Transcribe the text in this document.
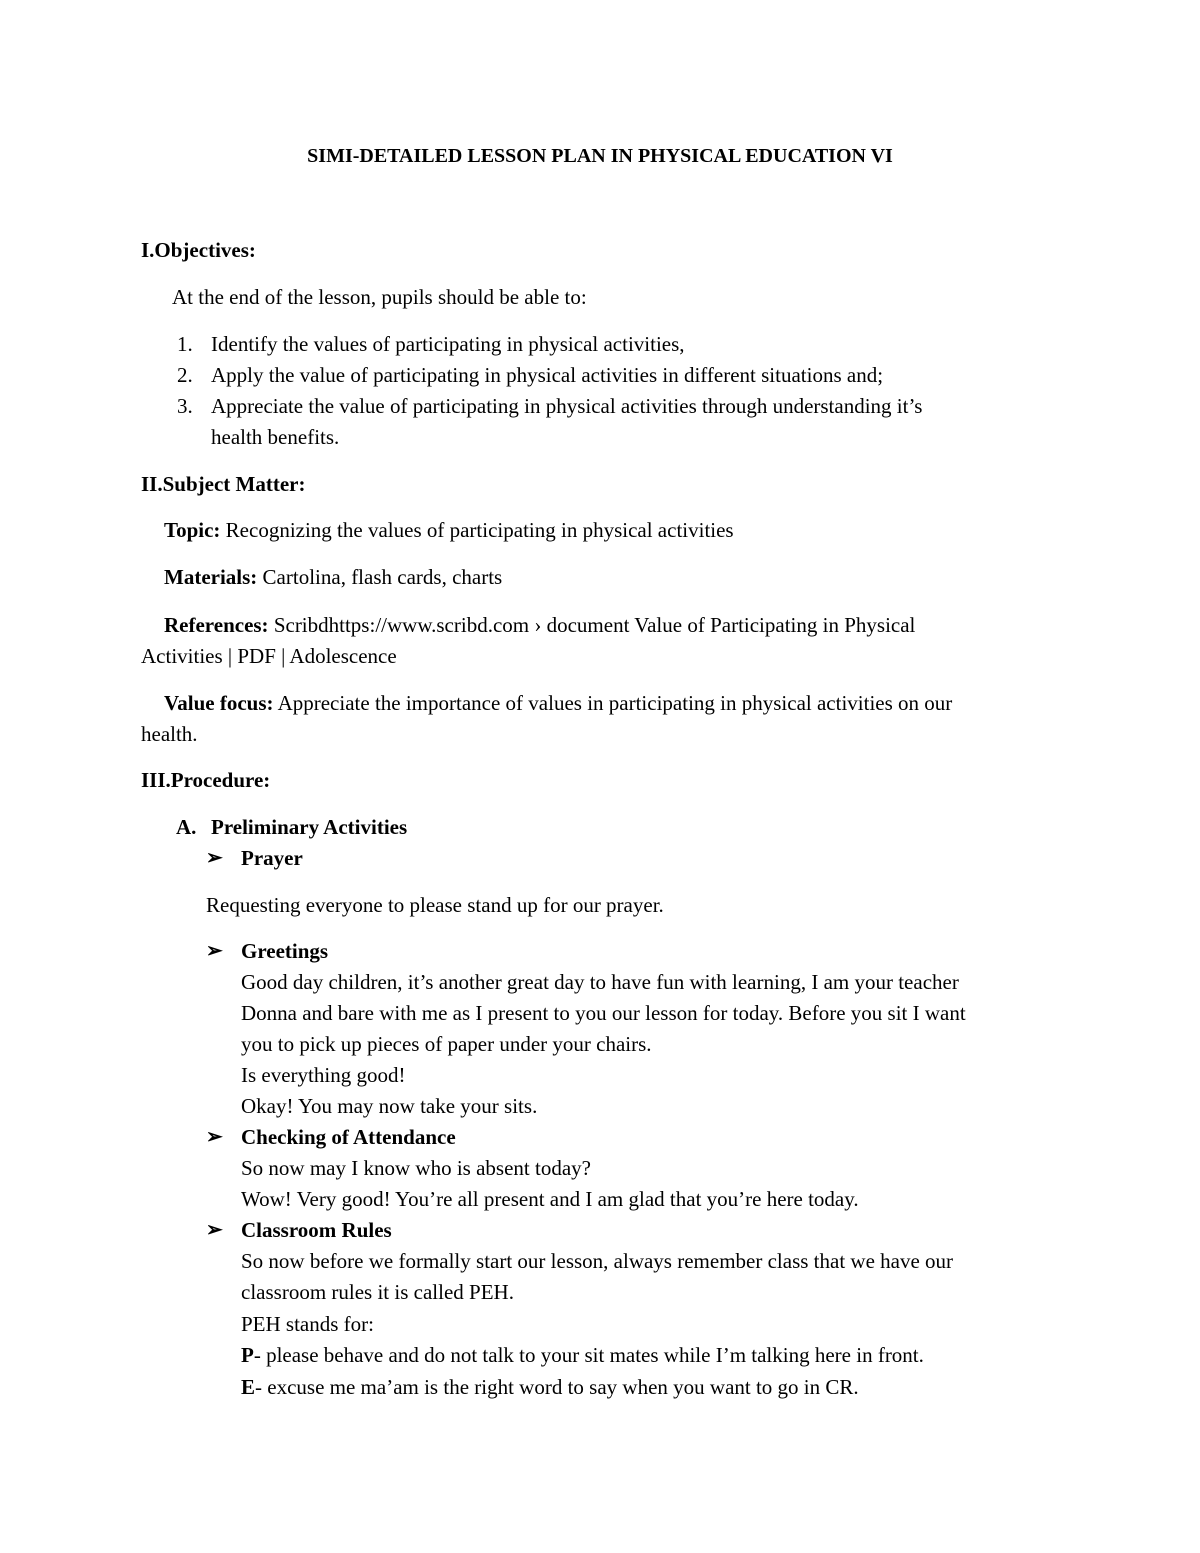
SIMI-DETAILED LESSON PLAN IN PHYSICAL EDUCATION VI
I.Objectives:
At the end of the lesson, pupils should be able to:
1. Identify the values of participating in physical activities,
2. Apply the value of participating in physical activities in different situations and;
3. Appreciate the value of participating in physical activities through understanding it’s
health benefits.
II.Subject Matter:
Topic: Recognizing the values of participating in physical activities
Materials: Cartolina, flash cards, charts
References: Scribdhttps://www.scribd.com › document Value of Participating in Physical
Activities | PDF | Adolescence
Value focus: Appreciate the importance of values in participating in physical activities on our
health.
III.Procedure:
A. Preliminary Activities
➢ Prayer
Requesting everyone to please stand up for our prayer.
➢ Greetings
Good day children, it’s another great day to have fun with learning, I am your teacher
Donna and bare with me as I present to you our lesson for today. Before you sit I want
you to pick up pieces of paper under your chairs.
Is everything good!
Okay! You may now take your sits.
➢ Checking of Attendance
So now may I know who is absent today?
Wow! Very good! You’re all present and I am glad that you’re here today.
➢ Classroom Rules
So now before we formally start our lesson, always remember class that we have our
classroom rules it is called PEH.
PEH stands for:
P- please behave and do not talk to your sit mates while I’m talking here in front.
E- excuse me ma’am is the right word to say when you want to go in CR.
